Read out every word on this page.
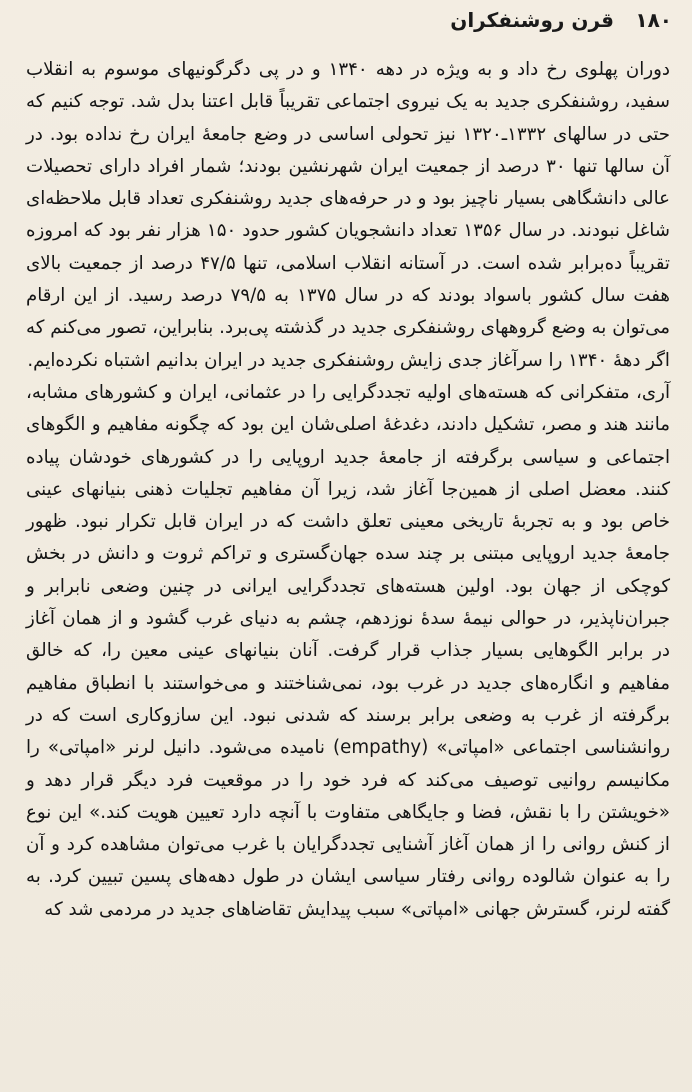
۱۸۰
قرن روشنفکران

دوران پهلوی رخ داد و به ویژه در دهه ۱۳۴۰ و در پی دگرگونیهای موسوم به انقلاب سفید، روشنفکری جدید به یک نیروی اجتماعی تقریباً قابل اعتنا بدل شد. توجه کنیم که حتی در سالهای ۱۳۳۲ـ۱۳۲۰ نیز تحولی اساسی در وضع جامعهٔ ایران رخ نداده بود. در آن سالها تنها ۳۰ درصد از جمعیت ایران شهرنشین بودند؛ شمار افراد دارای تحصیلات عالی دانشگاهی بسیار ناچیز بود و در حرفه‌های جدید روشنفکری تعداد قابل ملاحظه‌ای شاغل نبودند. در سال ۱۳۵۶ تعداد دانشجویان کشور حدود ۱۵۰ هزار نفر بود که امروزه تقریباً ده‌برابر شده است. در آستانه انقلاب اسلامی، تنها ۴۷/۵ درصد از جمعیت بالای هفت سال کشور باسواد بودند که در سال ۱۳۷۵ به ۷۹/۵ درصد رسید. از این ارقام می‌توان به وضع گروههای روشنفکری جدید در گذشته پی‌برد. بنابراین، تصور می‌کنم که اگر دههٔ ۱۳۴۰ را سرآغاز جدی زایش روشنفکری جدید در ایران بدانیم اشتباه نکرده‌ایم.

آری، متفکرانی که هسته‌های اولیه تجددگرایی را در عثمانی، ایران و کشورهای مشابه، مانند هند و مصر، تشکیل دادند، دغدغهٔ اصلی‌شان این بود که چگونه مفاهیم و الگوهای اجتماعی و سیاسی برگرفته از جامعهٔ جدید اروپایی را در کشورهای خودشان پیاده کنند. معضل اصلی از همین‌جا آغاز شد، زیرا آن مفاهیم تجلیات ذهنی بنیانهای عینی خاص بود و به تجربهٔ تاریخی معینی تعلق داشت که در ایران قابل تکرار نبود. ظهور جامعهٔ جدید اروپایی مبتنی بر چند سده جهان‌گستری و تراکم ثروت و دانش در بخش کوچکی از جهان بود. اولین هسته‌های تجددگرایی ایرانی در چنین وضعی نابرابر و جبران‌ناپذیر، در حوالی نیمهٔ سدهٔ نوزدهم، چشم به دنیای غرب گشود و از همان آغاز در برابر الگوهایی بسیار جذاب قرار گرفت. آنان بنیانهای عینی معین را، که خالق مفاهیم و انگاره‌های جدید در غرب بود، نمی‌شناختند و می‌خواستند با انطباق مفاهیم برگرفته از غرب به وضعی برابر برسند که شدنی نبود. این سازوکاری است که در روانشناسی اجتماعی «امپاتی» (empathy) نامیده می‌شود. دانیل لرنر «امپاتی» را مکانیسم روانیی توصیف می‌کند که فرد خود را در موقعیت فرد دیگر قرار دهد و «خویشتن را با نقش، فضا و جایگاهی متفاوت با آنچه دارد تعیین هویت کند.» این نوع از کنش روانی را از همان آغاز آشنایی تجددگرایان با غرب می‌توان مشاهده کرد و آن را به عنوان شالوده روانی رفتار سیاسی ایشان در طول دهه‌های پسین تبیین کرد. به گفته لرنر، گسترش جهانی «امپاتی» سبب پیدایش تقاضاهای جدید در مردمی شد که
